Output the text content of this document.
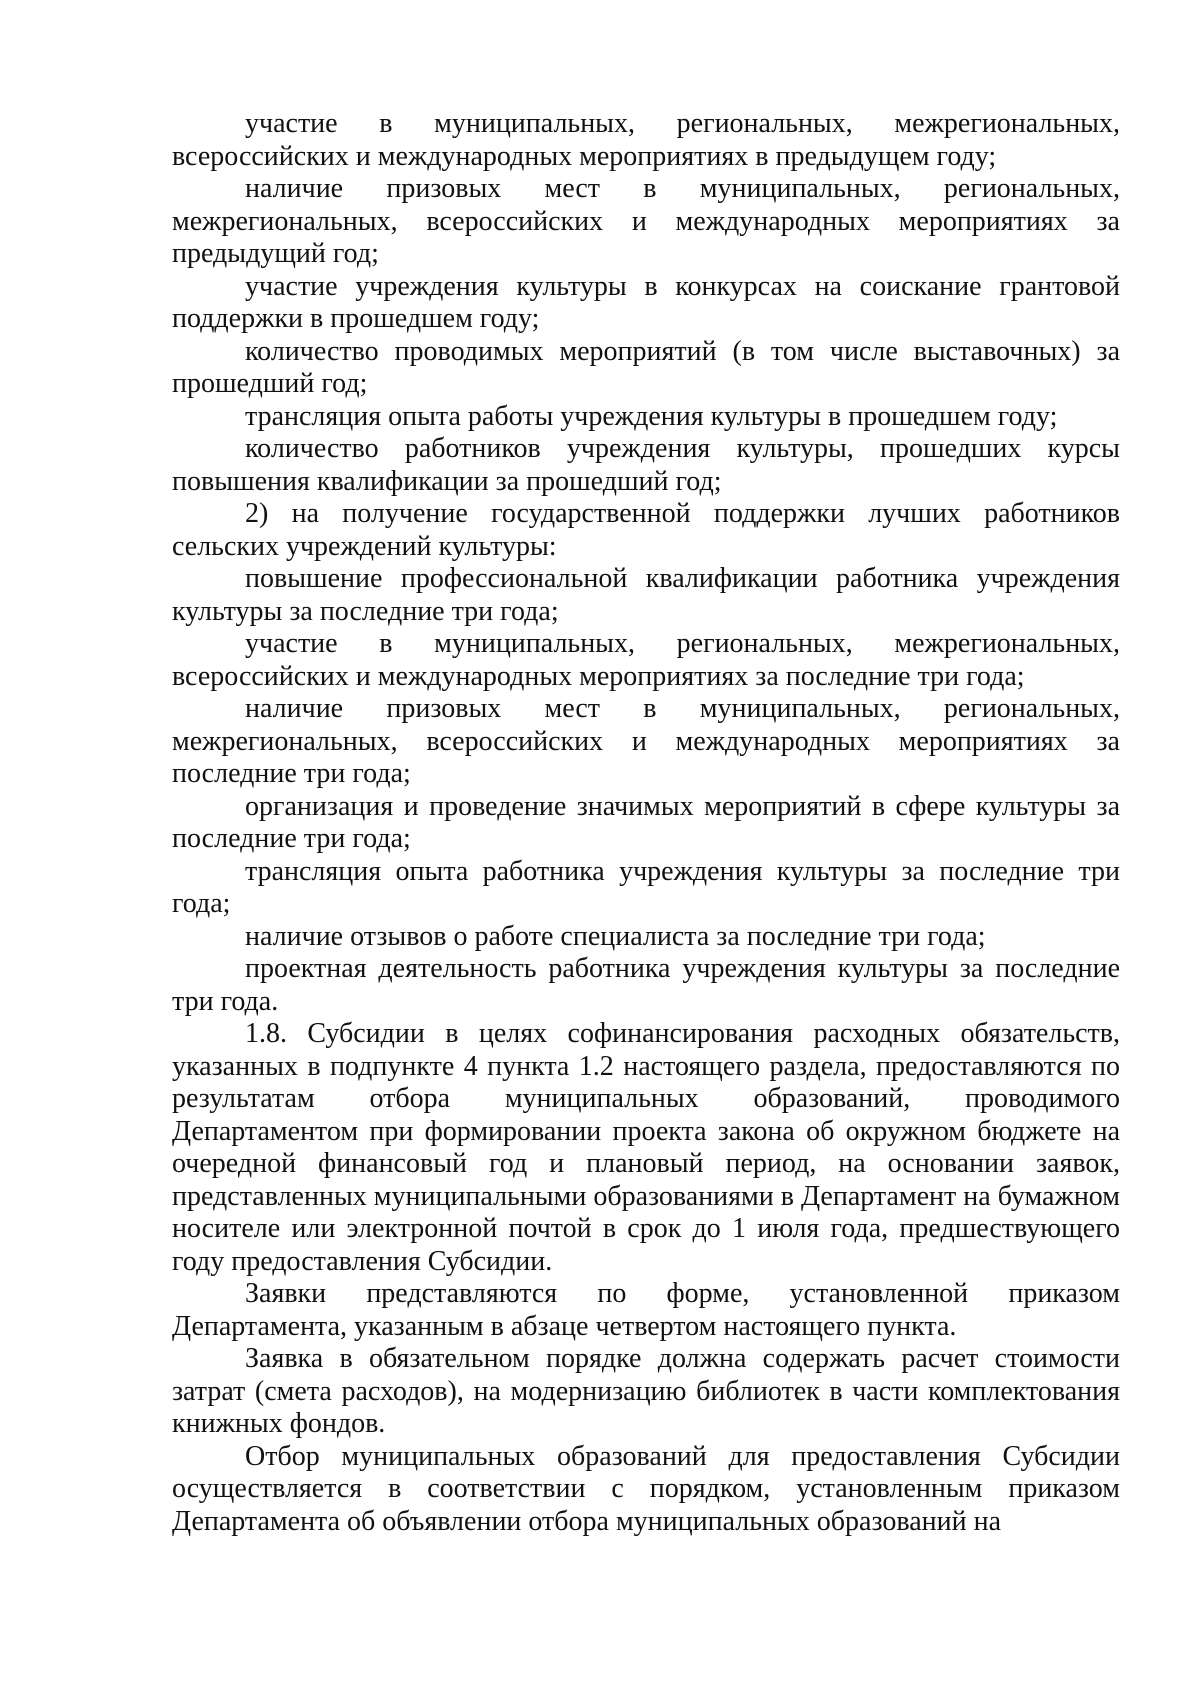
участие в муниципальных, региональных, межрегиональных, всероссийских и международных мероприятиях в предыдущем году;

наличие призовых мест в муниципальных, региональных, межрегиональных, всероссийских и международных мероприятиях за предыдущий год;

участие учреждения культуры в конкурсах на соискание грантовой поддержки в прошедшем году;

количество проводимых мероприятий (в том числе выставочных) за прошедший год;

трансляция опыта работы учреждения культуры в прошедшем году;

количество работников учреждения культуры, прошедших курсы повышения квалификации за прошедший год;

2) на получение государственной поддержки лучших работников сельских учреждений культуры:

повышение профессиональной квалификации работника учреждения культуры за последние три года;

участие в муниципальных, региональных, межрегиональных, всероссийских и международных мероприятиях за последние три года;

наличие призовых мест в муниципальных, региональных, межрегиональных, всероссийских и международных мероприятиях за последние три года;

организация и проведение значимых мероприятий в сфере культуры за последние три года;

трансляция опыта работника учреждения культуры за последние три года;

наличие отзывов о работе специалиста за последние три года;

проектная деятельность работника учреждения культуры за последние три года.

1.8. Субсидии в целях софинансирования расходных обязательств, указанных в подпункте 4 пункта 1.2 настоящего раздела, предоставляются по результатам отбора муниципальных образований, проводимого Департаментом при формировании проекта закона об окружном бюджете на очередной финансовый год и плановый период, на основании заявок, представленных муниципальными образованиями в Департамент на бумажном носителе или электронной почтой в срок до 1 июля года, предшествующего году предоставления Субсидии.

Заявки представляются по форме, установленной приказом Департамента, указанным в абзаце четвертом настоящего пункта.

Заявка в обязательном порядке должна содержать расчет стоимости затрат (смета расходов), на модернизацию библиотек в части комплектования книжных фондов.

Отбор муниципальных образований для предоставления Субсидии осуществляется в соответствии с порядком, установленным приказом Департамента об объявлении отбора муниципальных образований на
